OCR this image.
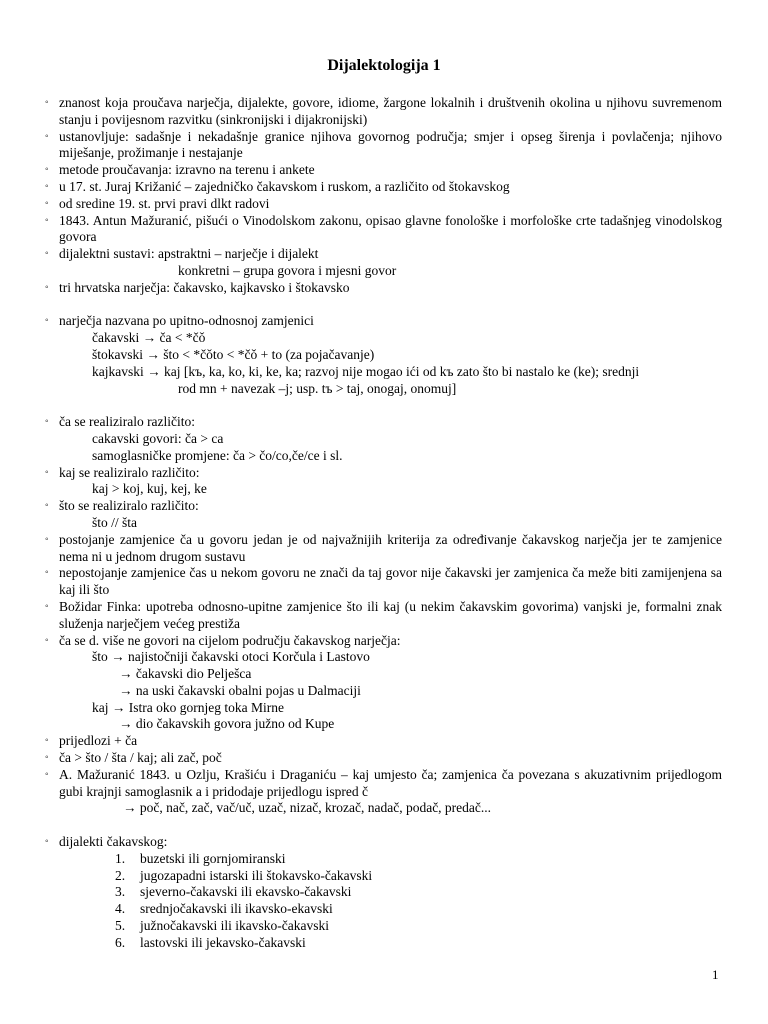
Dijalektologija 1
◦ znanost koja proučava narječja, dijalekte, govore, idiome, žargone lokalnih i društvenih okolina u njihovu suvremenom stanju i povijesnom razvitku (sinkronijski i dijakronijski)
◦ ustanovljuje: sadašnje i nekadašnje granice njihova govornog područja; smjer i opseg širenja i povlačenja; njihovo miješanje, prožimanje i nestajanje
◦ metode proučavanja: izravno na terenu i ankete
◦ u 17. st. Juraj Križanić – zajedničko čakavskom i ruskom, a različito od štokavskog
◦ od sredine 19. st. prvi pravi dlkt radovi
◦ 1843. Antun Mažuranić, pišući o Vinodolskom zakonu, opisao glavne fonološke i morfološke crte tadašnjeg vinodolskog govora
◦ dijalektni sustavi: apstraktni – narječje i dijalekt
konkretni – grupa govora i mjesni govor
◦ tri hrvatska narječja: čakavsko, kajkavsko i štokavsko
◦ narječja nazvana po upitno-odnosnoj zamjenici
čakavski → ča < *čǒ
štokavski → što < *čǒto < *čǒ + to (za pojačavanje)
kajkavski → kaj [kъ, ka, ko, ki, ke, ka; razvoj nije mogao ići od kъ zato što bi nastalo ke (ke); srednji
rod mn + navezak –j; usp. tъ > taj, onogaj, onomuj]
◦ ča se realiziralo različito:
cakavski govori: ča > ca
samoglasničke promjene: ča > čo/co,če/ce i sl.
◦ kaj se realiziralo različito:
kaj > koj, kuj, kej, ke
◦ što se realiziralo različito:
što // šta
◦ postojanje zamjenice ča u govoru jedan je od najvažnijih kriterija za određivanje čakavskog narječja jer te zamjenice nema ni u jednom drugom sustavu
◦ nepostojanje zamjenice čas u nekom govoru ne znači da taj govor nije čakavski jer zamjenica ča meže biti zamijenjena sa kaj ili što
◦ Božidar Finka: upotreba odnosno-upitne zamjenice što ili kaj (u nekim čakavskim govorima) vanjski je, formalni znak služenja narječjem većeg prestiža
◦ ča se d. više ne govori na cijelom području čakavskog narječja:
što → najistočniji čakavski otoci Korčula i Lastovo
→ čakavski dio Pelješca
→ na uski čakavski obalni pojas u Dalmaciji
kaj → Istra oko gornjeg toka Mirne
→ dio čakavskih govora južno od Kupe
◦ prijedlozi + ča
◦ ča > što / šta / kaj; ali zač, poč
◦ A. Mažuranić 1843. u Ozlju, Krašiću i Draganiću – kaj umjesto ča; zamjenica ča povezana s akuzativnim prijedlogom gubi krajnji samoglasnik a i pridodaje prijedlogu ispred č
→ poč, nač, zač, vač/uč, uzač, nizač, krozač, nadač, podač, predač...
◦ dijalekti čakavskog:
1.	buzetski ili gornjomiranski
2.	jugozapadni istarski ili štokavsko-čakavski
3.	sjeverno-čakavski ili ekavsko-čakavski
4.	srednjočakavski ili ikavsko-ekavski
5.	južnočakavski ili ikavsko-čakavski
6.	lastovski ili jekavsko-čakavski
1
